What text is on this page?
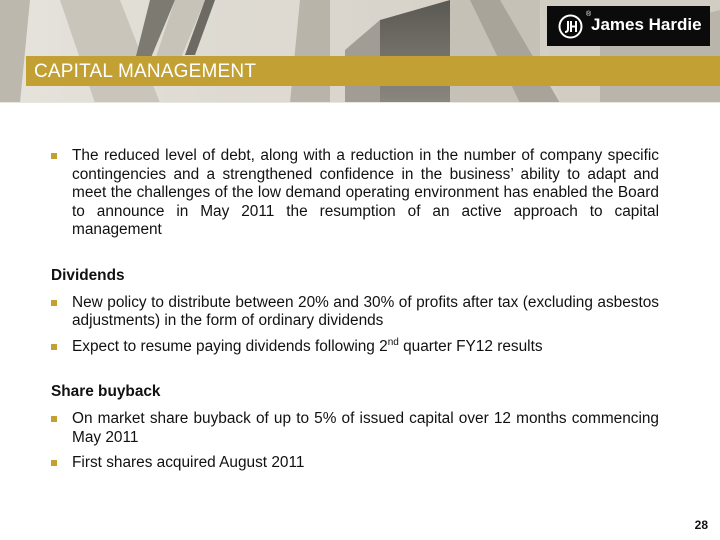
CAPITAL MANAGEMENT
®
James Hardie
The reduced level of debt, along with a reduction in the number of company specific contingencies and a strengthened confidence in the business’ ability to adapt and meet the challenges of the low demand operating environment has enabled the Board to announce in May 2011 the resumption of an active approach to capital management
Dividends
New policy to distribute between 20% and 30% of profits after tax (excluding asbestos adjustments) in the form of ordinary dividends
Expect to resume paying dividends following 2nd quarter FY12 results
Share buyback
On market share buyback of up to 5% of issued capital over 12 months commencing May 2011
First shares acquired August 2011
28
